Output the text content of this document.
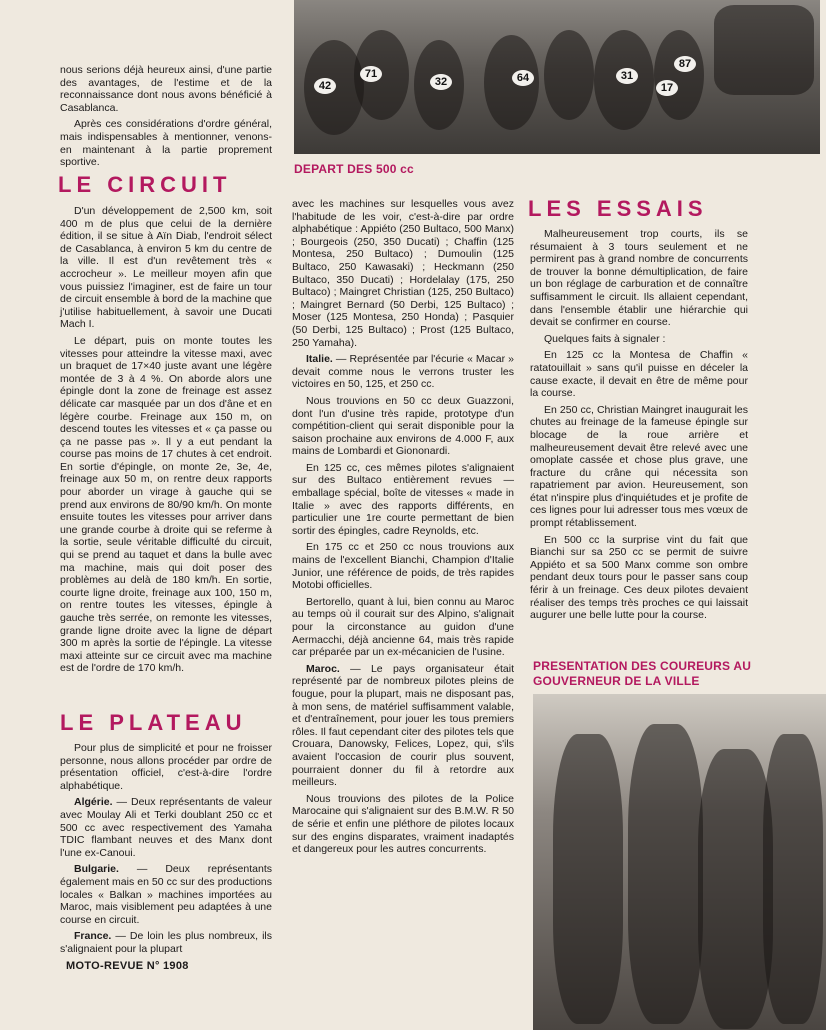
42
71
32	64	31
87
17
DEPART DES 500 cc
PRESENTATION DES COUREURS AU GOUVERNEUR DE LA VILLE

nous serions déjà heureux ainsi, d'une partie des avantages, de l'estime et de la reconnaissance dont nous avons bénéficié à Casablanca.

Après ces considérations d'ordre général, mais indispensables à mentionner, venons-en maintenant à la partie proprement sportive.

LE CIRCUIT

D'un développement de 2,500 km, soit 400 m de plus que celui de la dernière édition, il se situe à Aïn Diab, l'endroit sélect de Casablanca, à environ 5 km du centre de la ville. Il est d'un revêtement très « accrocheur ». Le meilleur moyen afin que vous puissiez l'imaginer, est de faire un tour de circuit ensemble à bord de la machine que j'utilise habituellement, à savoir une Ducati Mach I.

Le départ, puis on monte toutes les vitesses pour atteindre la vitesse maxi, avec un braquet de 17×40 juste avant une légère montée de 3 à 4 %. On aborde alors une épingle dont la zone de freinage est assez délicate car masquée par un dos d'âne et en légère courbe. Freinage aux 150 m, on descend toutes les vitesses et « ça passe ou ça ne passe pas ». Il y a eut pendant la course pas moins de 17 chutes à cet endroit. En sortie d'épingle, on monte 2e, 3e, 4e, freinage aux 50 m, on rentre deux rapports pour aborder un virage à gauche qui se prend aux environs de 80/90 km/h. On monte ensuite toutes les vitesses pour arriver dans une grande courbe à droite qui se referme à la sortie, seule véritable difficulté du circuit, qui se prend au taquet et dans la bulle avec ma machine, mais qui doit poser des problèmes au delà de 180 km/h. En sortie, courte ligne droite, freinage aux 100, 150 m, on rentre toutes les vitesses, épingle à gauche très serrée, on remonte les vitesses, grande ligne droite avec la ligne de départ 300 m après la sortie de l'épingle. La vitesse maxi atteinte sur ce circuit avec ma machine est de l'ordre de 170 km/h.

LE PLATEAU

Pour plus de simplicité et pour ne froisser personne, nous allons procéder par ordre de présentation officiel, c'est-à-dire l'ordre alphabétique.

Algérie. — Deux représentants de valeur avec Moulay Ali et Terki doublant 250 cc et 500 cc avec respectivement des Yamaha TDIC flambant neuves et des Manx dont l'une ex-Canoui.

Bulgarie. — Deux représentants également mais en 50 cc sur des productions locales « Balkan » machines importées au Maroc, mais visiblement peu adaptées à une course en circuit.

France. — De loin les plus nombreux, ils s'alignaient pour la plupart

avec les machines sur lesquelles vous avez l'habitude de les voir, c'est-à-dire par ordre alphabétique : Appiéto (250 Bultaco, 500 Manx) ; Bourgeois (250, 350 Ducati) ; Chaffin (125 Montesa, 250 Bultaco) ; Dumoulin (125 Bultaco, 250 Kawasaki) ; Heckmann (250 Bultaco, 350 Ducati) ; Hordelalay (175, 250 Bultaco) ; Maingret Christian (125, 250 Bultaco) ; Maingret Bernard (50 Derbi, 125 Bultaco) ; Moser (125 Montesa, 250 Honda) ; Pasquier (50 Derbi, 125 Bultaco) ; Prost (125 Bultaco, 250 Yamaha).

Italie. — Représentée par l'écurie « Macar » devait comme nous le verrons truster les victoires en 50, 125, et 250 cc.

Nous trouvions en 50 cc deux Guazzoni, dont l'un d'usine très rapide, prototype d'un compétition-client qui serait disponible pour la saison prochaine aux environs de 4.000 F, aux mains de Lombardi et Giononardi.

En 125 cc, ces mêmes pilotes s'alignaient sur des Bultaco entièrement revues — emballage spécial, boîte de vitesses « made in Italie » avec des rapports différents, en particulier une 1re courte permettant de bien sortir des épingles, cadre Reynolds, etc.

En 175 cc et 250 cc nous trouvions aux mains de l'excellent Bianchi, Champion d'Italie Junior, une référence de poids, de très rapides Motobi officielles.

Bertorello, quant à lui, bien connu au Maroc au temps où il courait sur des Alpino, s'alignait pour la circonstance au guidon d'une Aermacchi, déjà ancienne 64, mais très rapide car préparée par un ex-mécanicien de l'usine.

Maroc. — Le pays organisateur était représenté par de nombreux pilotes pleins de fougue, pour la plupart, mais ne disposant pas, à mon sens, de matériel suffisamment valable, et d'entraînement, pour jouer les tous premiers rôles. Il faut cependant citer des pilotes tels que Crouara, Danowsky, Felices, Lopez, qui, s'ils avaient l'occasion de courir plus souvent, pourraient donner du fil à retordre aux meilleurs.

Nous trouvions des pilotes de la Police Marocaine qui s'alignaient sur des B.M.W. R 50 de série et enfin une pléthore de pilotes locaux sur des engins disparates, vraiment inadaptés et dangereux pour les autres concurrents.

LES ESSAIS

Malheureusement trop courts, ils se résumaient à 3 tours seulement et ne permirent pas à grand nombre de concurrents de trouver la bonne démultiplication, de faire un bon réglage de carburation et de connaître suffisamment le circuit. Ils allaient cependant, dans l'ensemble établir une hiérarchie qui devait se confirmer en course.

Quelques faits à signaler :

En 125 cc la Montesa de Chaffin « ratatouillait » sans qu'il puisse en déceler la cause exacte, il devait en être de même pour la course.

En 250 cc, Christian Maingret inaugurait les chutes au freinage de la fameuse épingle sur blocage de la roue arrière et malheureusement devait être relevé avec une omoplate cassée et chose plus grave, une fracture du crâne qui nécessita son rapatriement par avion. Heureusement, son état n'inspire plus d'inquiétudes et je profite de ces lignes pour lui adresser tous mes vœux de prompt rétablissement.

En 500 cc la surprise vint du fait que Bianchi sur sa 250 cc se permit de suivre Appiéto et sa 500 Manx comme son ombre pendant deux tours pour le passer sans coup férir à un freinage. Ces deux pilotes devaient réaliser des temps très proches ce qui laissait augurer une belle lutte pour la course.

MOTO-REVUE N° 1908
